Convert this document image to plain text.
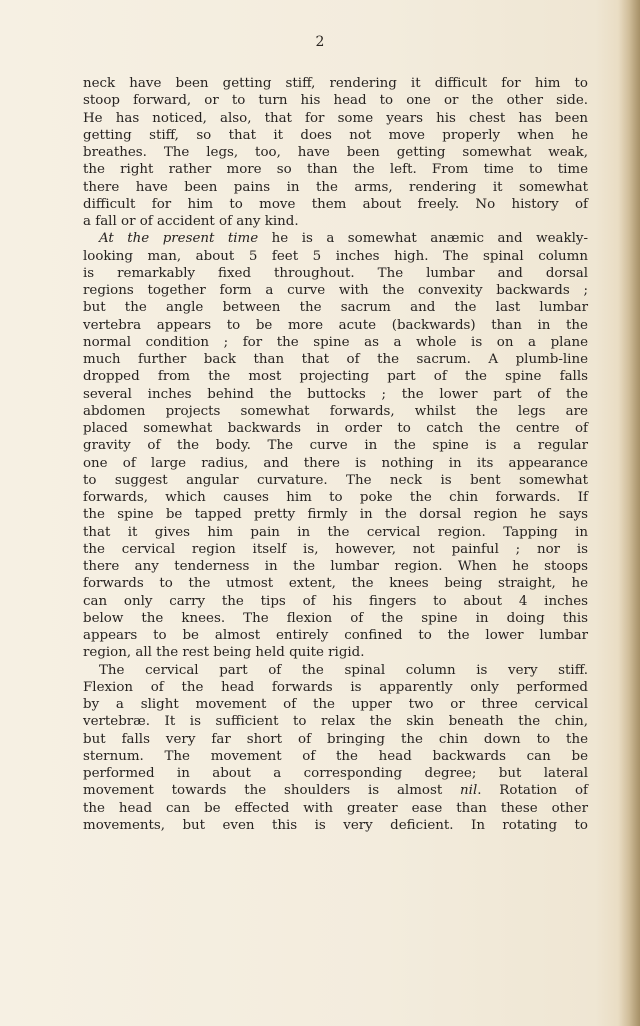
2
neck have been getting stiff, rendering it difficult for him to
stoop forward, or to turn his head to one or the other side.
He has noticed, also, that for some years his chest has been
getting stiff, so that it does not move properly when he
breathes. The legs, too, have been getting somewhat weak,
the right rather more so than the left. From time to time
there have been pains in the arms, rendering it somewhat
difficult for him to move them about freely. No history of
a fall or of accident of any kind.
At the present time he is a somewhat anæmic and weakly-
looking man, about 5 feet 5 inches high. The spinal column
is remarkably fixed throughout. The lumbar and dorsal
regions together form a curve with the convexity backwards ;
but the angle between the sacrum and the last lumbar
vertebra appears to be more acute (backwards) than in the
normal condition ; for the spine as a whole is on a plane
much further back than that of the sacrum. A plumb-line
dropped from the most projecting part of the spine falls
several inches behind the buttocks ; the lower part of the
abdomen projects somewhat forwards, whilst the legs are
placed somewhat backwards in order to catch the centre of
gravity of the body. The curve in the spine is a regular
one of large radius, and there is nothing in its appearance
to suggest angular curvature. The neck is bent somewhat
forwards, which causes him to poke the chin forwards. If
the spine be tapped pretty firmly in the dorsal region he says
that it gives him pain in the cervical region. Tapping in
the cervical region itself is, however, not painful ; nor is
there any tenderness in the lumbar region. When he stoops
forwards to the utmost extent, the knees being straight, he
can only carry the tips of his fingers to about 4 inches
below the knees. The flexion of the spine in doing this
appears to be almost entirely confined to the lower lumbar
region, all the rest being held quite rigid.
The cervical part of the spinal column is very stiff.
Flexion of the head forwards is apparently only performed
by a slight movement of the upper two or three cervical
vertebræ. It is sufficient to relax the skin beneath the chin,
but falls very far short of bringing the chin down to the
sternum. The movement of the head backwards can be
performed in about a corresponding degree; but lateral
movement towards the shoulders is almost nil. Rotation of
the head can be effected with greater ease than these other
movements, but even this is very deficient. In rotating to
